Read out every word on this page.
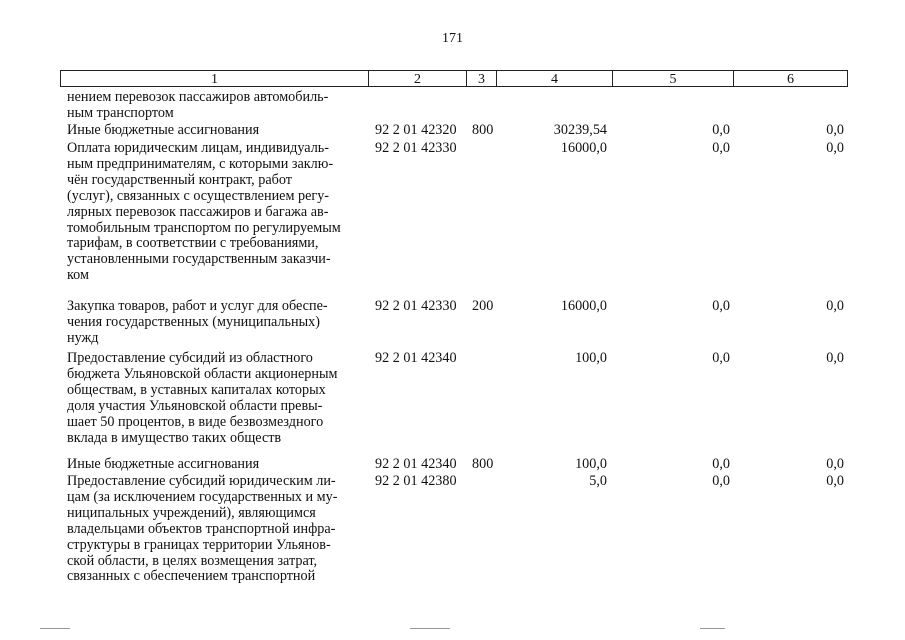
171
1	2	3	4	5	6
нением перевозок пассажиров автомобиль-
ным транспортом
Иные бюджетные ассигнования	92 2 01 42320 800	30239,54	0,0	0,0
Оплата юридическим лицам, индивидуаль-
ным предпринимателям, с которыми заклю-
чён государственный контракт, работ
(услуг), связанных с осуществлением регу-
лярных перевозок пассажиров и багажа ав-
томобильным транспортом по регулируемым
тарифам, в соответствии с требованиями,
установленными государственным заказчи-
ком
92 2 01 42330	16000,0	0,0	0,0
Закупка товаров, работ и услуг для обеспе-
чения государственных (муниципальных)
нужд
92 2 01 42330 200	16000,0	0,0	0,0
Предоставление субсидий из областного
бюджета Ульяновской области акционерным
обществам, в уставных капиталах которых
доля участия Ульяновской области превы-
шает 50 процентов, в виде безвозмездного
вклада в имущество таких обществ
92 2 01 42340	100,0	0,0	0,0
Иные бюджетные ассигнования	92 2 01 42340 800	100,0	0,0	0,0
Предоставление субсидий юридическим ли-
цам (за исключением государственных и му-
ниципальных учреждений), являющимся
владельцами объектов транспортной инфра-
структуры в границах территории Ульянов-
ской области, в целях возмещения затрат,
связанных с обеспечением транспортной
92 2 01 42380	5,0	0,0	0,0
